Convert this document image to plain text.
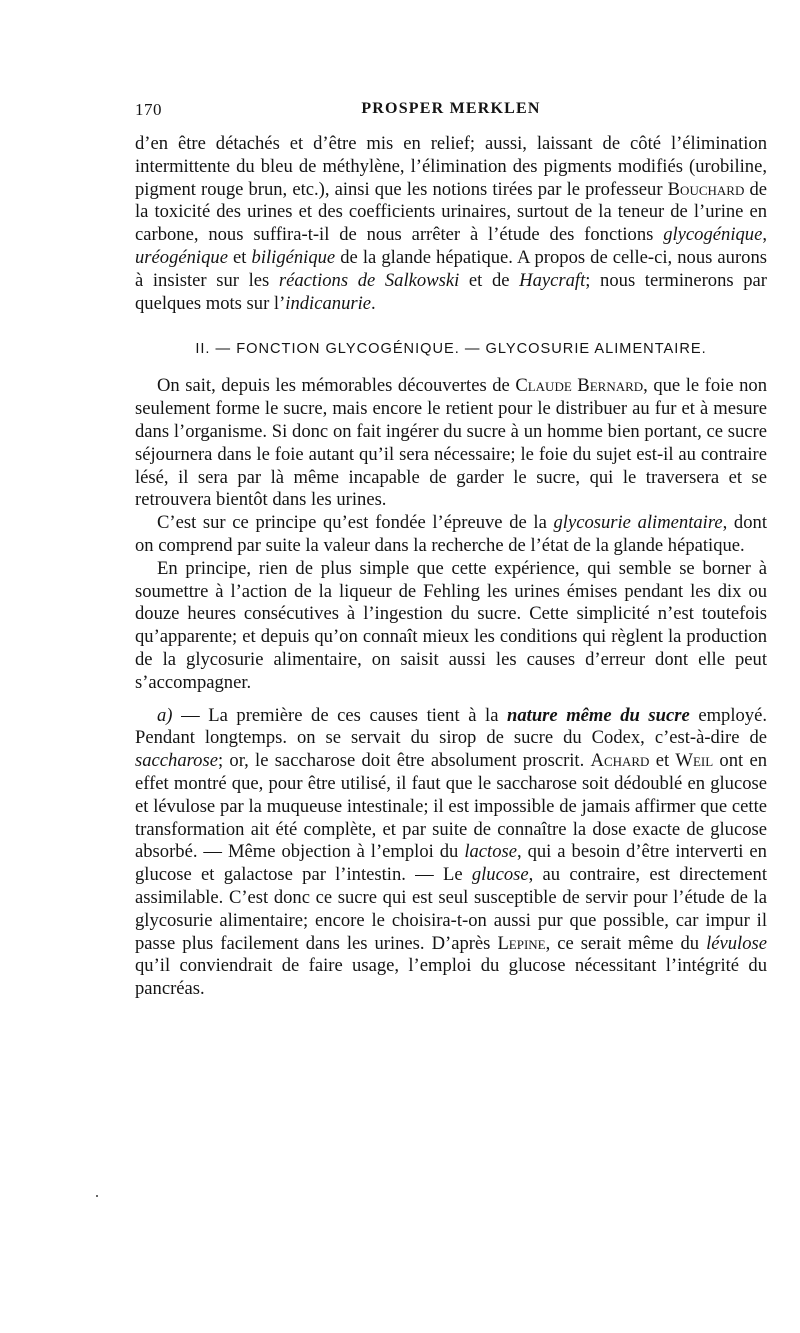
170	PROSPER MERKLEN

d’en être détachés et d’être mis en relief; aussi, laissant de côté l’élimination intermittente du bleu de méthylène, l’élimination des pigments modifiés (urobiline, pigment rouge brun, etc.), ainsi que les notions tirées par le professeur Bouchard de la toxicité des urines et des coefficients urinaires, surtout de la teneur de l’urine en carbone, nous suffira-t-il de nous arrêter à l’étude des fonctions glycogénique, uréogénique et biligénique de la glande hépatique. A propos de celle-ci, nous aurons à insister sur les réactions de Salkowski et de Haycraft; nous terminerons par quelques mots sur l’indicanurie.

II. — FONCTION GLYCOGÉNIQUE. — GLYCOSURIE ALIMENTAIRE.

On sait, depuis les mémorables découvertes de Claude Bernard, que le foie non seulement forme le sucre, mais encore le retient pour le distribuer au fur et à mesure dans l’organisme. Si donc on fait ingérer du sucre à un homme bien portant, ce sucre séjournera dans le foie autant qu’il sera nécessaire; le foie du sujet est-il au contraire lésé, il sera par là même incapable de garder le sucre, qui le traversera et se retrouvera bientôt dans les urines.

C’est sur ce principe qu’est fondée l’épreuve de la glycosurie alimentaire, dont on comprend par suite la valeur dans la recherche de l’état de la glande hépatique.

En principe, rien de plus simple que cette expérience, qui semble se borner à soumettre à l’action de la liqueur de Fehling les urines émises pendant les dix ou douze heures consécutives à l’ingestion du sucre. Cette simplicité n’est toutefois qu’apparente; et depuis qu’on connaît mieux les conditions qui règlent la production de la glycosurie alimentaire, on saisit aussi les causes d’erreur dont elle peut s’accompagner.

a) — La première de ces causes tient à la nature même du sucre employé. Pendant longtemps. on se servait du sirop de sucre du Codex, c’est-à-dire de saccharose; or, le saccharose doit être absolument proscrit. Achard et Weil ont en effet montré que, pour être utilisé, il faut que le saccharose soit dédoublé en glucose et lévulose par la muqueuse intestinale; il est impossible de jamais affirmer que cette transformation ait été complète, et par suite de connaître la dose exacte de glucose absorbé. — Même objection à l’emploi du lactose, qui a besoin d’être interverti en glucose et galactose par l’intestin. — Le glucose, au contraire, est directement assimilable. C’est donc ce sucre qui est seul susceptible de servir pour l’étude de la glycosurie alimentaire; encore le choisira-t-on aussi pur que possible, car impur il passe plus facilement dans les urines. D’après Lepine, ce serait même du lévulose qu’il conviendrait de faire usage, l’emploi du glucose nécessitant l’intégrité du pancréas.
